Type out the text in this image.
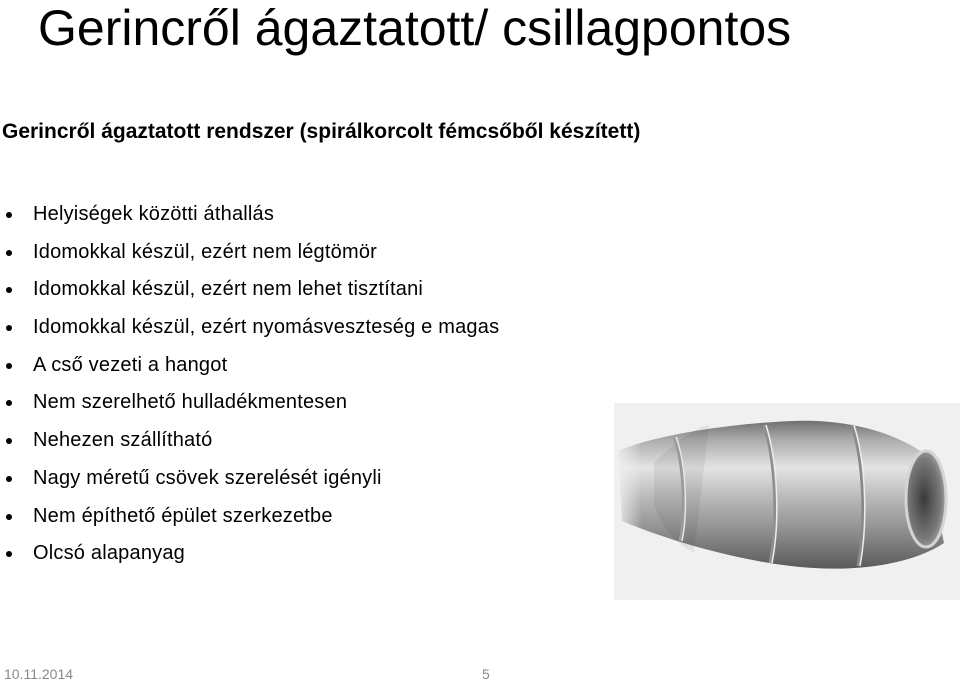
Gerincről ágaztatott/ csillagpontos
Gerincről ágaztatott rendszer (spirálkorcolt fémcsőből készített)
Helyiségek közötti áthallás
Idomokkal készül, ezért nem légtömör
Idomokkal készül, ezért nem lehet tisztítani
Idomokkal készül, ezért nyomásveszteség e magas
A cső vezeti a hangot
Nem szerelhető hulladékmentesen
Nehezen szállítható
Nagy méretű csövek szerelését igényli
Nem építhető épület szerkezetbe
Olcsó alapanyag
10.11.2014	5
